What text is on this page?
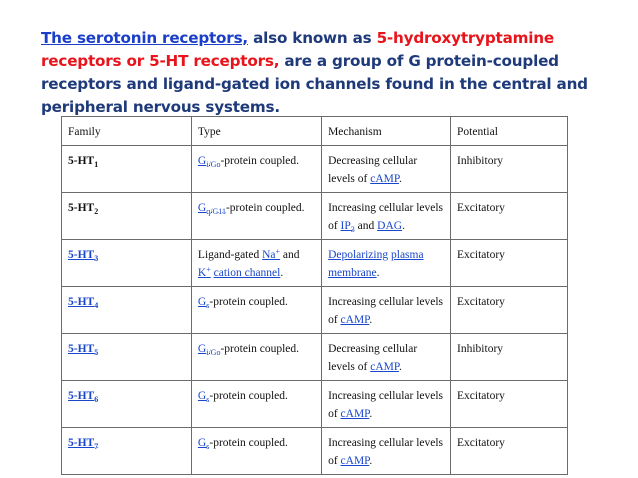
The serotonin receptors, also known as 5-hydroxytryptamine receptors or 5-HT receptors, are a group of G protein-coupled receptors and ligand-gated ion channels found in the central and peripheral nervous systems.
Family	Type	Mechanism	Potential
$5-HT_1$	$G_{i/Go}$-protein coupled.	Decreasing cellular levels of cAMP.	Inhibitory
$5-HT_2$	$G_{q/G11}$-protein coupled.	Increasing cellular levels of $IP_3$ and DAG.	Excitatory
$5-HT_3$	Ligand-gated Na+ and K+ cation channel.	Depolarizing plasma membrane.	Excitatory
$5-HT_4$	$G_s$-protein coupled.	Increasing cellular levels of cAMP.	Excitatory
$5-HT_5$	$G_{i/Go}$-protein coupled.	Decreasing cellular levels of cAMP.	Inhibitory
$5-HT_6$	$G_s$-protein coupled.	Increasing cellular levels of cAMP.	Excitatory
$5-HT_7$	$G_s$-protein coupled.	Increasing cellular levels of cAMP.	Excitatory
